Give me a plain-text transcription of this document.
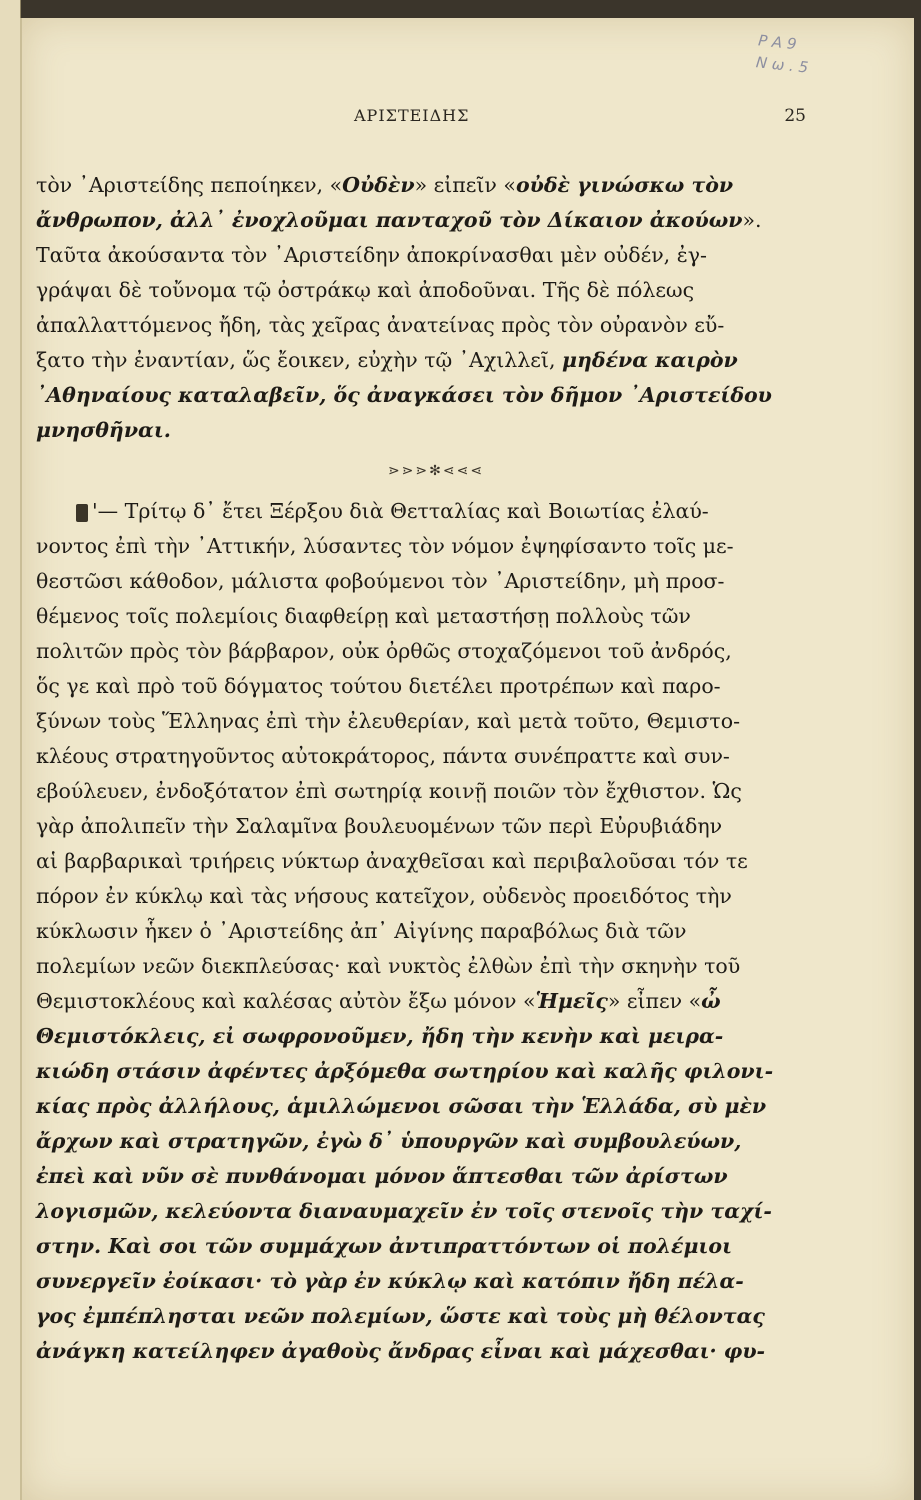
Ρ Α 9
N ω . 5
ΑΡΙΣΤΕΙΔΗΣ	25
τὸν ᾿Αριστείδης πεποίηκεν, «Οὐδὲν» εἰπεῖν «οὐδὲ γινώσκω τὸν
ἄνθρωπον, ἀλλ᾿ ἐνοχλοῦμαι πανταχοῦ τὸν Δίκαιον ἀκούων».
Ταῦτα ἀκούσαντα τὸν ᾿Αριστείδην ἀποκρίνασθαι μὲν οὐδέν, ἐγ-
γράψαι δὲ τοὔνομα τῷ ὀστράκῳ καὶ ἀποδοῦναι. Τῆς δὲ πόλεως
ἀπαλλαττόμενος ἤδη, τὰς χεῖρας ἀνατείνας πρὸς τὸν οὐρανὸν εὔ-
ξατο τὴν ἐναντίαν, ὥς ἔοικεν, εὐχὴν τῷ ᾿Αχιλλεῖ, μηδένα καιρὸν
᾿Αθηναίους καταλαβεῖν, ὅς ἀναγκάσει τὸν δῆμον ᾿Αριστείδου
μνησθῆναι.
⋗⋗⋗✻⋖⋖⋖
'— Τρίτῳ δ᾿ ἔτει Ξέρξου διὰ Θετταλίας καὶ Βοιωτίας ἐλαύ-
νοντος ἐπὶ τὴν ᾿Αττικήν, λύσαντες τὸν νόμον ἐψηφίσαντο τοῖς με-
θεστῶσι κάθοδον, μάλιστα φοβούμενοι τὸν ᾿Αριστείδην, μὴ προσ-
θέμενος τοῖς πολεμίοις διαφθείρῃ καὶ μεταστήσῃ πολλοὺς τῶν
πολιτῶν πρὸς τὸν βάρβαρον, οὐκ ὀρθῶς στοχαζόμενοι τοῦ ἀνδρός,
ὅς γε καὶ πρὸ τοῦ δόγματος τούτου διετέλει προτρέπων καὶ παρο-
ξύνων τοὺς Ἕλληνας ἐπὶ τὴν ἐλευθερίαν, καὶ μετὰ τοῦτο, Θεμιστο-
κλέους στρατηγοῦντος αὐτοκράτορος, πάντα συνέπραττε καὶ συν-
εβούλευεν, ἐνδοξότατον ἐπὶ σωτηρίᾳ κοινῇ ποιῶν τὸν ἔχθιστον. Ὡς
γὰρ ἀπολιπεῖν τὴν Σαλαμῖνα βουλευομένων τῶν περὶ Εὐρυβιάδην
αἱ βαρβαρικαὶ τριήρεις νύκτωρ ἀναχθεῖσαι καὶ περιβαλοῦσαι τόν τε
πόρον ἐν κύκλῳ καὶ τὰς νήσους κατεῖχον, οὐδενὸς προειδότος τὴν
κύκλωσιν ἧκεν ὁ ᾿Αριστείδης ἀπ᾿ Αἰγίνης παραβόλως διὰ τῶν
πολεμίων νεῶν διεκπλεύσας· καὶ νυκτὸς ἐλθὼν ἐπὶ τὴν σκηνὴν τοῦ
Θεμιστοκλέους καὶ καλέσας αὐτὸν ἔξω μόνον «Ἡμεῖς» εἶπεν «ὦ
Θεμιστόκλεις, εἰ σωφρονοῦμεν, ἤδη τὴν κενὴν καὶ μειρα-
κιώδη στάσιν ἀφέντες ἀρξόμεθα σωτηρίου καὶ καλῆς φιλονι-
κίας πρὸς ἀλλήλους, ἁμιλλώμενοι σῶσαι τὴν Ἑλλάδα, σὺ μὲν
ἄρχων καὶ στρατηγῶν, ἐγὼ δ᾿ ὑπουργῶν καὶ συμβουλεύων,
ἐπεὶ καὶ νῦν σὲ πυνθάνομαι μόνον ἅπτεσθαι τῶν ἀρίστων
λογισμῶν, κελεύοντα διαναυμαχεῖν ἐν τοῖς στενοῖς τὴν ταχί-
στην. Καὶ σοι τῶν συμμάχων ἀντιπραττόντων οἱ πολέμιοι
συνεργεῖν ἐοίκασι· τὸ γὰρ ἐν κύκλῳ καὶ κατόπιν ἤδη πέλα-
γος ἐμπέπλησται νεῶν πολεμίων, ὥστε καὶ τοὺς μὴ θέλοντας
ἀνάγκη κατείληφεν ἀγαθοὺς ἄνδρας εἶναι καὶ μάχεσθαι· φυ-
